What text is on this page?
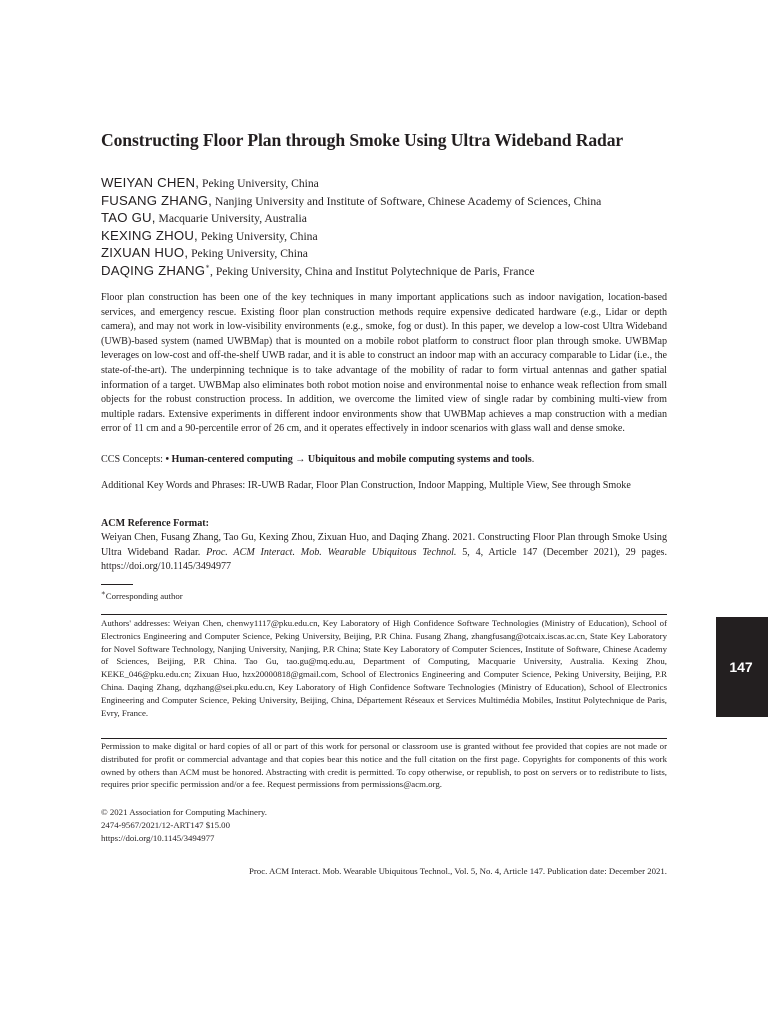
Constructing Floor Plan through Smoke Using Ultra Wideband Radar
WEIYAN CHEN, Peking University, China
FUSANG ZHANG, Nanjing University and Institute of Software, Chinese Academy of Sciences, China
TAO GU, Macquarie University, Australia
KEXING ZHOU, Peking University, China
ZIXUAN HUO, Peking University, China
DAQING ZHANG∗, Peking University, China and Institut Polytechnique de Paris, France
Floor plan construction has been one of the key techniques in many important applications such as indoor navigation, location-based services, and emergency rescue. Existing floor plan construction methods require expensive dedicated hardware (e.g., Lidar or depth camera), and may not work in low-visibility environments (e.g., smoke, fog or dust). In this paper, we develop a low-cost Ultra Wideband (UWB)-based system (named UWBMap) that is mounted on a mobile robot platform to construct floor plan through smoke. UWBMap leverages on low-cost and off-the-shelf UWB radar, and it is able to construct an indoor map with an accuracy comparable to Lidar (i.e., the state-of-the-art). The underpinning technique is to take advantage of the mobility of radar to form virtual antennas and gather spatial information of a target. UWBMap also eliminates both robot motion noise and environmental noise to enhance weak reflection from small objects for the robust construction process. In addition, we overcome the limited view of single radar by combining multi-view from multiple radars. Extensive experiments in different indoor environments show that UWBMap achieves a map construction with a median error of 11 cm and a 90-percentile error of 26 cm, and it operates effectively in indoor scenarios with glass wall and dense smoke.
CCS Concepts: • Human-centered computing → Ubiquitous and mobile computing systems and tools.
Additional Key Words and Phrases: IR-UWB Radar, Floor Plan Construction, Indoor Mapping, Multiple View, See through Smoke
ACM Reference Format:
Weiyan Chen, Fusang Zhang, Tao Gu, Kexing Zhou, Zixuan Huo, and Daqing Zhang. 2021. Constructing Floor Plan through Smoke Using Ultra Wideband Radar. Proc. ACM Interact. Mob. Wearable Ubiquitous Technol. 5, 4, Article 147 (December 2021), 29 pages. https://doi.org/10.1145/3494977
∗Corresponding author
Authors' addresses: Weiyan Chen, chenwy1117@pku.edu.cn, Key Laboratory of High Confidence Software Technologies (Ministry of Education), School of Electronics Engineering and Computer Science, Peking University, Beijing, P.R China. Fusang Zhang, zhangfusang@otcaix.iscas.ac.cn, State Key Laboratory for Novel Software Technology, Nanjing University, Nanjing, P.R China; State Key Laboratory of Computer Sciences, Institute of Software, Chinese Academy of Sciences, Beijing, P.R China. Tao Gu, tao.gu@mq.edu.au, Department of Computing, Macquarie University, Australia. Kexing Zhou, KEKE_046@pku.edu.cn; Zixuan Huo, hzx20000818@gmail.com, School of Electronics Engineering and Computer Science, Peking University, Beijing, P.R China. Daqing Zhang, dqzhang@sei.pku.edu.cn, Key Laboratory of High Confidence Software Technologies (Ministry of Education), School of Electronics Engineering and Computer Science, Peking University, Beijing, China, Département Réseaux et Services Multimédia Mobiles, Institut Polytechnique de Paris, Evry, France.
Permission to make digital or hard copies of all or part of this work for personal or classroom use is granted without fee provided that copies are not made or distributed for profit or commercial advantage and that copies bear this notice and the full citation on the first page. Copyrights for components of this work owned by others than ACM must be honored. Abstracting with credit is permitted. To copy otherwise, or republish, to post on servers or to redistribute to lists, requires prior specific permission and/or a fee. Request permissions from permissions@acm.org.
© 2021 Association for Computing Machinery.
2474-9567/2021/12-ART147 $15.00
https://doi.org/10.1145/3494977
Proc. ACM Interact. Mob. Wearable Ubiquitous Technol., Vol. 5, No. 4, Article 147. Publication date: December 2021.
147
